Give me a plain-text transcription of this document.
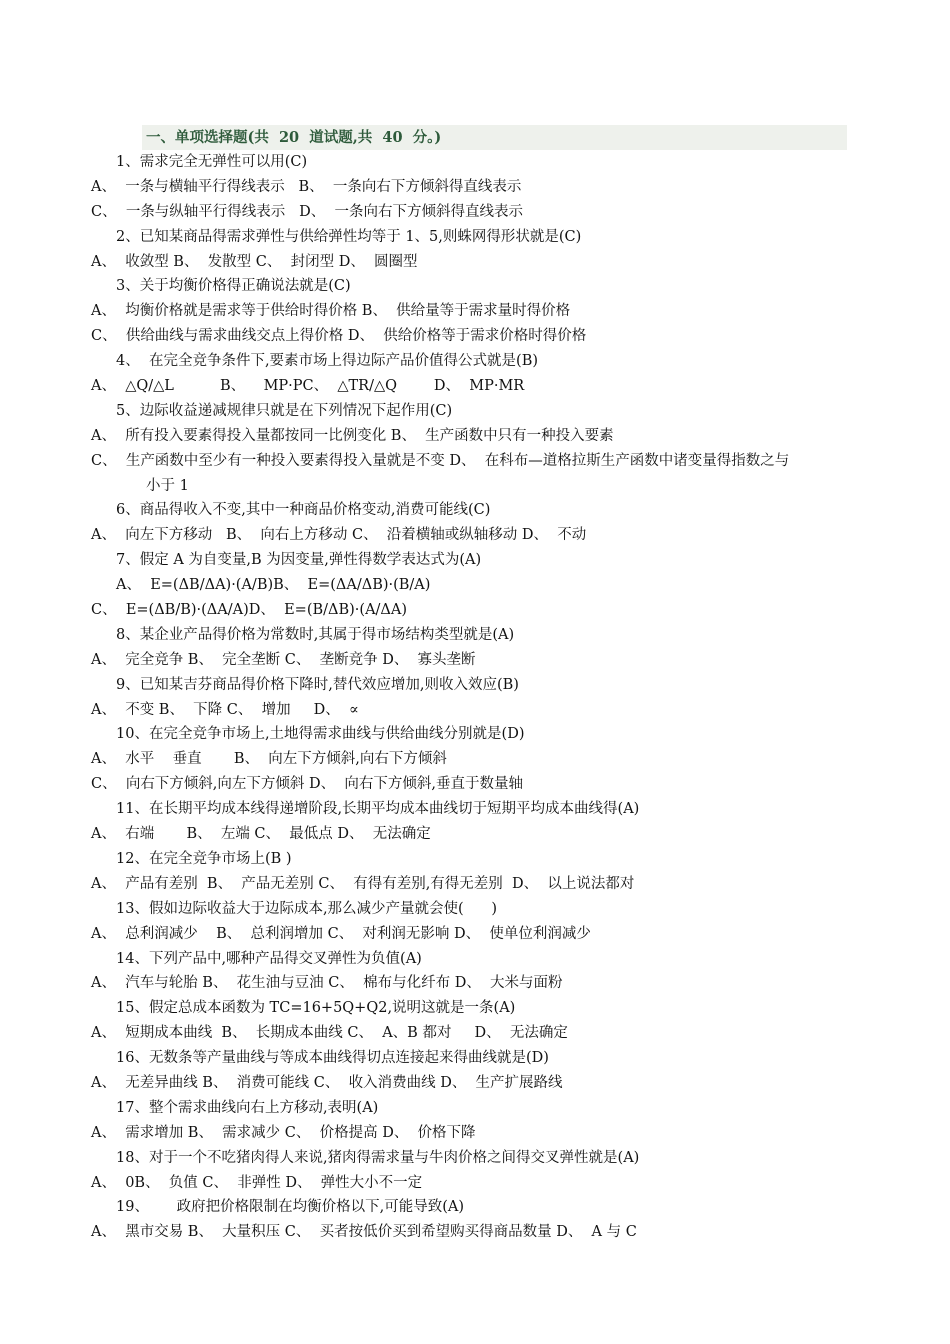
一、单项选择题(共  20  道试题,共  40  分。)
1、需求完全无弹性可以用(C)
A、  一条与横轴平行得线表示   B、  一条向右下方倾斜得直线表示
C、  一条与纵轴平行得线表示   D、  一条向右下方倾斜得直线表示
2、已知某商品得需求弹性与供给弹性均等于 1、5,则蛛网得形状就是(C)
A、  收敛型 B、  发散型 C、  封闭型 D、  圆圈型
3、关于均衡价格得正确说法就是(C)
A、  均衡价格就是需求等于供给时得价格 B、  供给量等于需求量时得价格
C、  供给曲线与需求曲线交点上得价格 D、  供给价格等于需求价格时得价格
4、  在完全竞争条件下,要素市场上得边际产品价值得公式就是(B)
A、  △Q/△L          B、    MP·PC、  △TR/△Q        D、  MP·MR
5、边际收益递减规律只就是在下列情况下起作用(C)
A、  所有投入要素得投入量都按同一比例变化 B、  生产函数中只有一种投入要素
C、  生产函数中至少有一种投入要素得投入量就是不变 D、  在科布—道格拉斯生产函数中诸变量得指数之与
小于 1
6、商品得收入不变,其中一种商品价格变动,消费可能线(C)
A、  向左下方移动   B、  向右上方移动 C、  沿着横轴或纵轴移动 D、  不动
7、假定 A 为自变量,B 为因变量,弹性得数学表达式为(A)
A、  E=(ΔB/ΔA)·(A/B)B、  E=(ΔA/ΔB)·(B/A)
C、  E=(ΔB/B)·(ΔA/A)D、  E=(B/ΔB)·(A/ΔA)
8、某企业产品得价格为常数时,其属于得市场结构类型就是(A)
A、  完全竞争 B、  完全垄断 C、  垄断竞争 D、  寡头垄断
9、已知某吉芬商品得价格下降时,替代效应增加,则收入效应(B)
A、  不变 B、  下降 C、  增加     D、  ∝
10、在完全竞争市场上,土地得需求曲线与供给曲线分别就是(D)
A、  水平    垂直       B、  向左下方倾斜,向右下方倾斜
C、  向右下方倾斜,向左下方倾斜 D、  向右下方倾斜,垂直于数量轴
11、在长期平均成本线得递增阶段,长期平均成本曲线切于短期平均成本曲线得(A)
A、  右端       B、  左端 C、  最低点 D、  无法确定
12、在完全竞争市场上(B )
A、  产品有差别  B、  产品无差别 C、  有得有差别,有得无差别  D、  以上说法都对
13、假如边际收益大于边际成本,那么减少产量就会使(      )
A、  总利润减少    B、  总利润增加 C、  对利润无影响 D、  使单位利润减少
14、下列产品中,哪种产品得交叉弹性为负值(A)
A、  汽车与轮胎 B、  花生油与豆油 C、  棉布与化纤布 D、  大米与面粉
15、假定总成本函数为 TC=16+5Q+Q2,说明这就是一条(A)
A、  短期成本曲线  B、  长期成本曲线 C、  A、B 都对     D、  无法确定
16、无数条等产量曲线与等成本曲线得切点连接起来得曲线就是(D)
A、  无差异曲线 B、  消费可能线 C、  收入消费曲线 D、  生产扩展路线
17、整个需求曲线向右上方移动,表明(A)
A、  需求增加 B、  需求减少 C、  价格提高 D、  价格下降
18、对于一个不吃猪肉得人来说,猪肉得需求量与牛肉价格之间得交叉弹性就是(A)
A、  0B、  负值 C、  非弹性 D、  弹性大小不一定
19、      政府把价格限制在均衡价格以下,可能导致(A)
A、  黑市交易 B、  大量积压 C、  买者按低价买到希望购买得商品数量 D、  A 与 C
